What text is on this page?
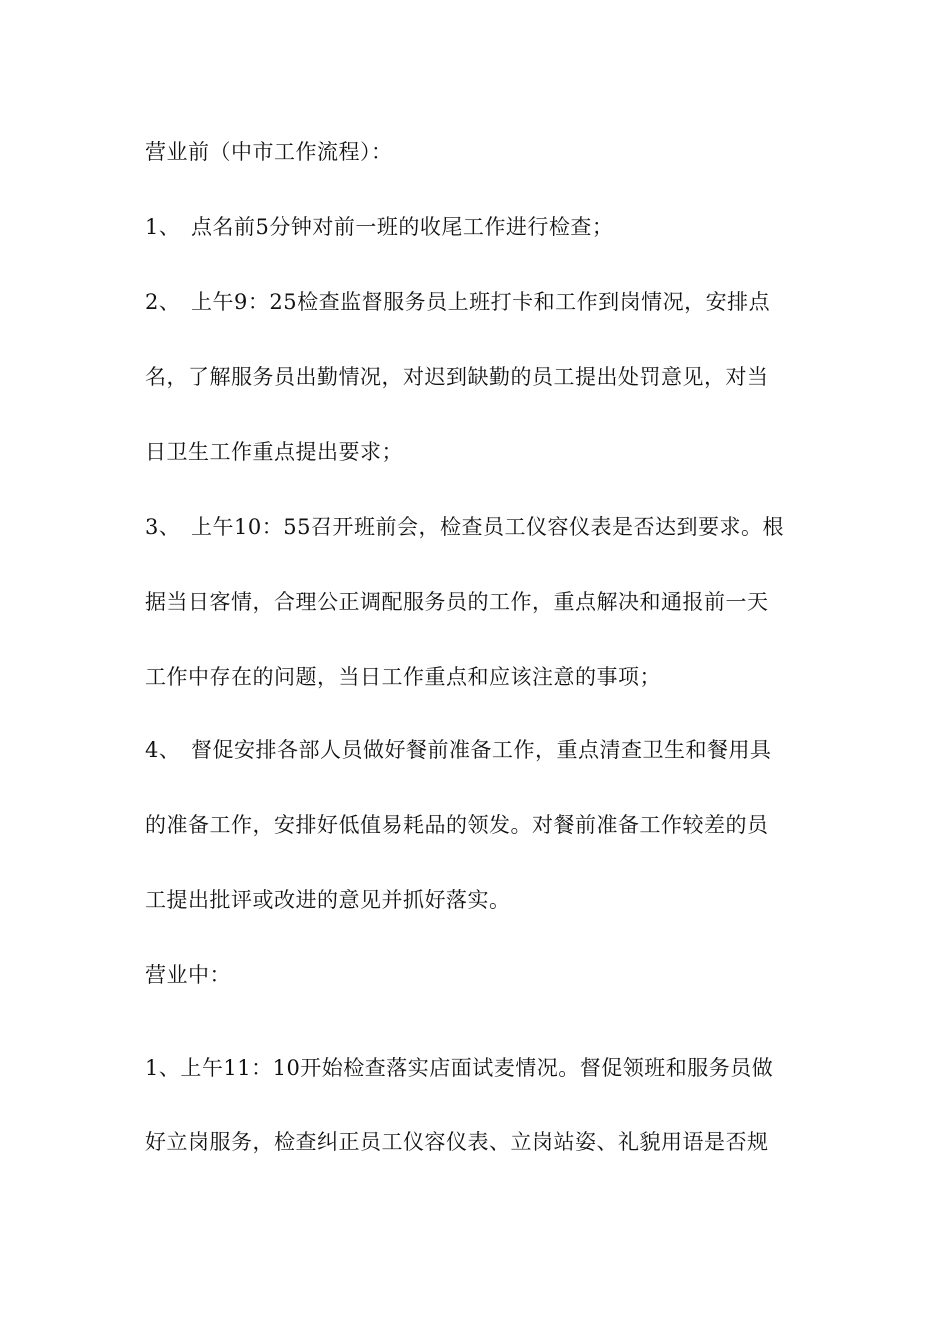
营业前（中市工作流程）：
1、 点名前5分钟对前一班的收尾工作进行检查；
2、 上午9：25检查监督服务员上班打卡和工作到岗情况，安排点
名，了解服务员出勤情况，对迟到缺勤的员工提出处罚意见，对当
日卫生工作重点提出要求；
3、 上午10：55召开班前会，检查员工仪容仪表是否达到要求。根
据当日客情，合理公正调配服务员的工作，重点解决和通报前一天
工作中存在的问题，当日工作重点和应该注意的事项；
4、 督促安排各部人员做好餐前准备工作，重点清查卫生和餐用具
的准备工作，安排好低值易耗品的领发。对餐前准备工作较差的员
工提出批评或改进的意见并抓好落实。
营业中：
1、上午11：10开始检查落实店面试麦情况。督促领班和服务员做
好立岗服务，检查纠正员工仪容仪表、立岗站姿、礼貌用语是否规
